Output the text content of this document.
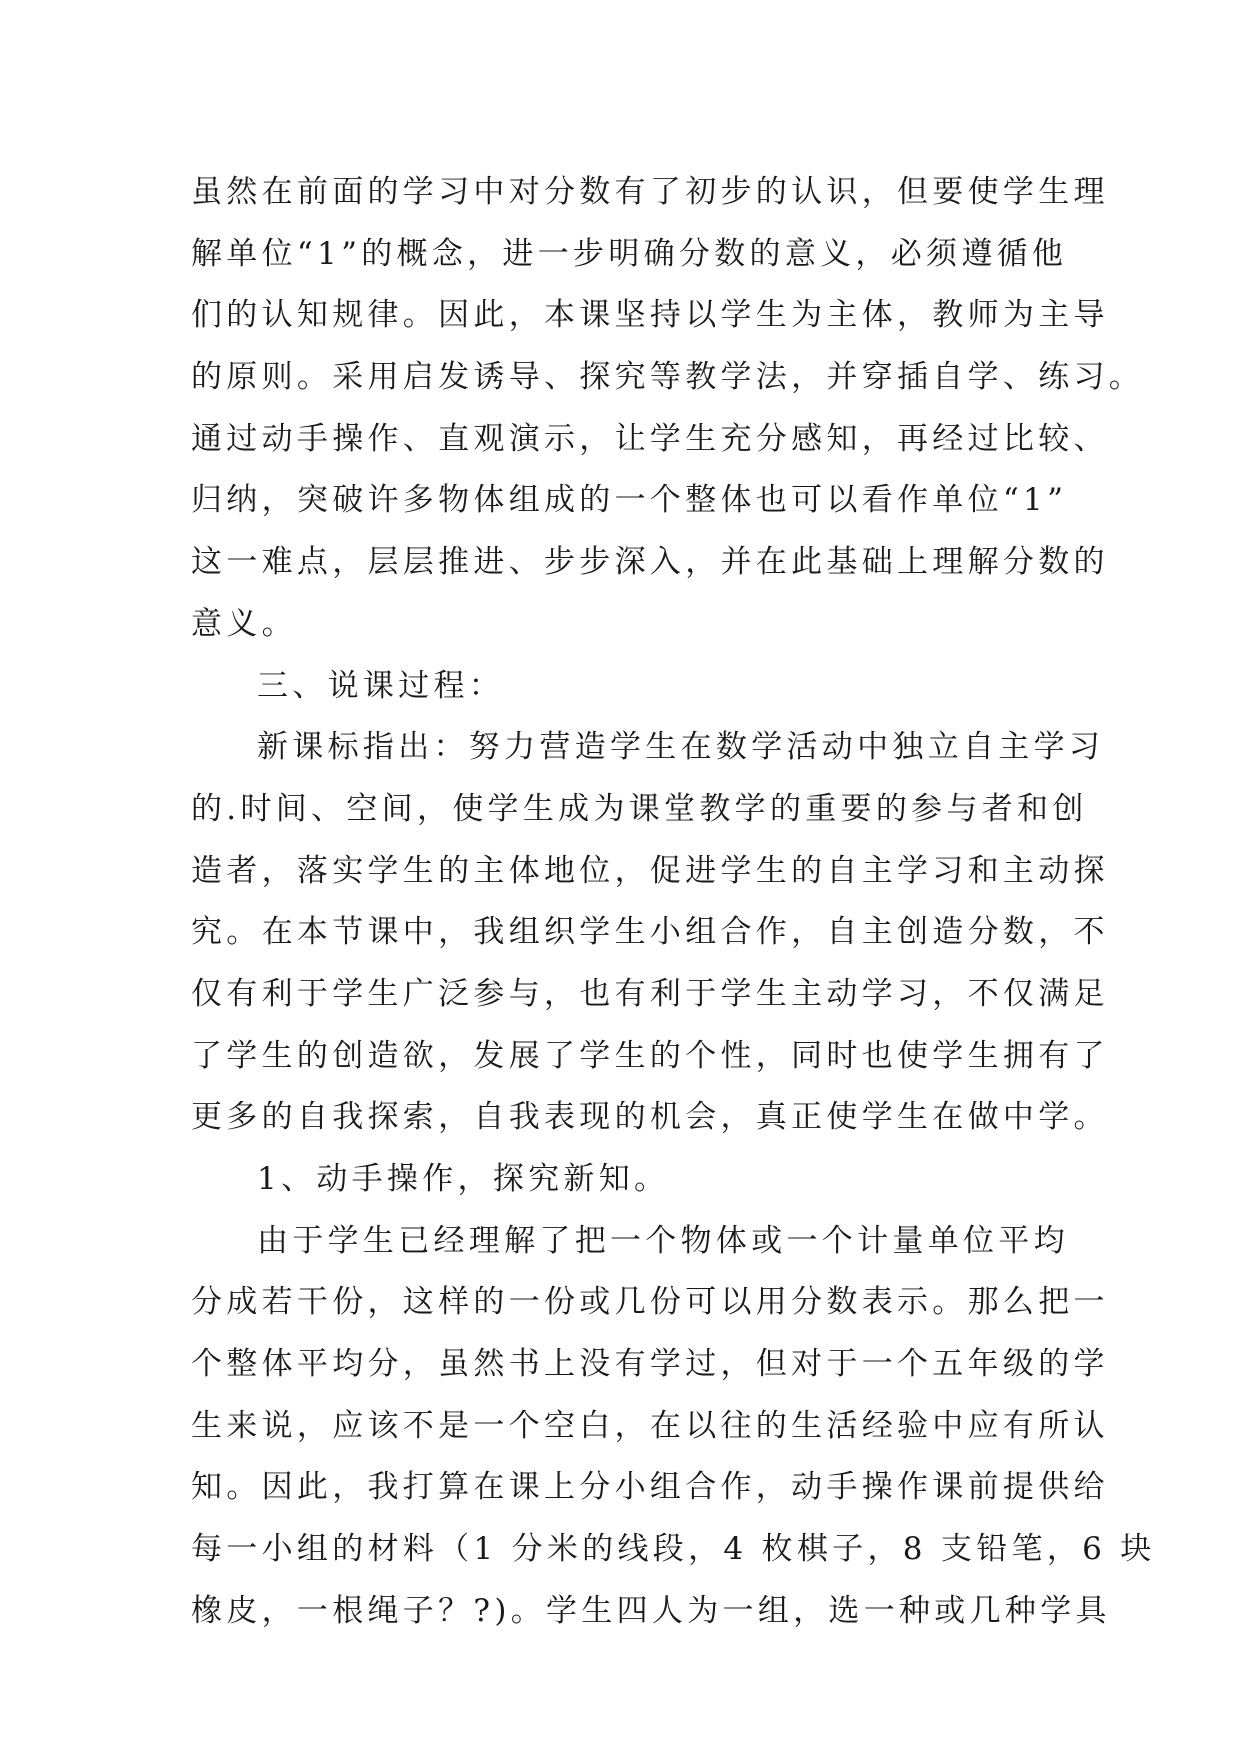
虽然在前面的学习中对分数有了初步的认识，但要使学生理
解单位“1”的概念，进一步明确分数的意义，必须遵循他
们的认知规律。因此，本课坚持以学生为主体，教师为主导
的原则。采用启发诱导、探究等教学法，并穿插自学、练习。
通过动手操作、直观演示，让学生充分感知，再经过比较、
归纳，突破许多物体组成的一个整体也可以看作单位“1”
这一难点，层层推进、步步深入，并在此基础上理解分数的
意义。
三、说课过程：
新课标指出：努力营造学生在数学活动中独立自主学习
的.时间、空间，使学生成为课堂教学的重要的参与者和创
造者，落实学生的主体地位，促进学生的自主学习和主动探
究。在本节课中，我组织学生小组合作，自主创造分数，不
仅有利于学生广泛参与，也有利于学生主动学习，不仅满足
了学生的创造欲，发展了学生的个性，同时也使学生拥有了
更多的自我探索，自我表现的机会，真正使学生在做中学。
1、动手操作，探究新知。
由于学生已经理解了把一个物体或一个计量单位平均
分成若干份，这样的一份或几份可以用分数表示。那么把一
个整体平均分，虽然书上没有学过，但对于一个五年级的学
生来说，应该不是一个空白，在以往的生活经验中应有所认
知。因此，我打算在课上分小组合作，动手操作课前提供给
每一小组的材料（1 分米的线段，4 枚棋子，8 支铅笔，6 块
橡皮，一根绳子？?)。学生四人为一组，选一种或几种学具
